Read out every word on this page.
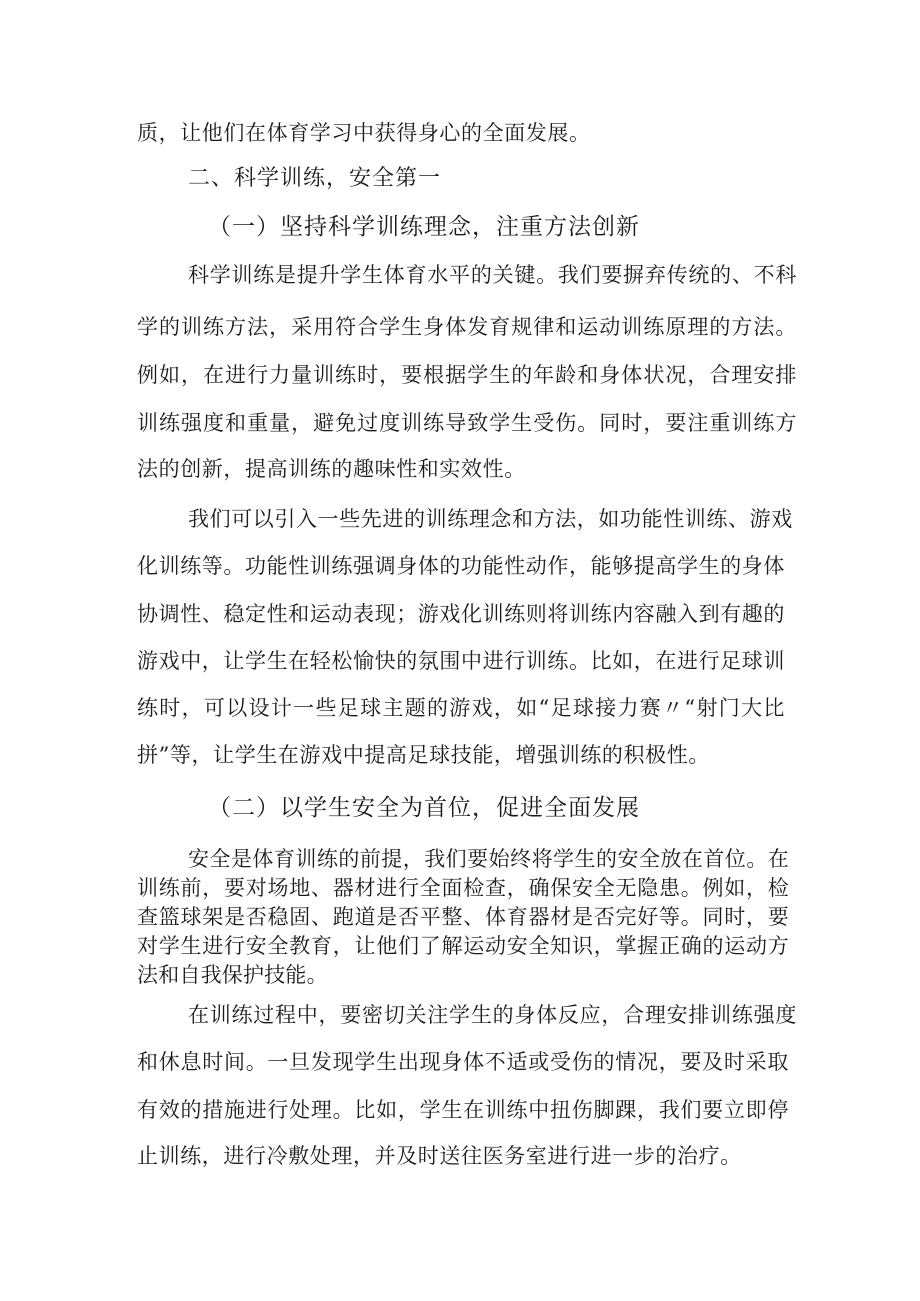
质，让他们在体育学习中获得身心的全面发展。
二、科学训练，安全第一
（一）坚持科学训练理念，注重方法创新
科学训练是提升学生体育水平的关键。我们要摒弃传统的、不科
学的训练方法，采用符合学生身体发育规律和运动训练原理的方法。
例如，在进行力量训练时，要根据学生的年龄和身体状况，合理安排
训练强度和重量，避免过度训练导致学生受伤。同时，要注重训练方
法的创新，提高训练的趣味性和实效性。
我们可以引入一些先进的训练理念和方法，如功能性训练、游戏
化训练等。功能性训练强调身体的功能性动作，能够提高学生的身体
协调性、稳定性和运动表现；游戏化训练则将训练内容融入到有趣的
游戏中，让学生在轻松愉快的氛围中进行训练。比如，在进行足球训
练时，可以设计一些足球主题的游戏，如“足球接力赛〃“射门大比
拼”等，让学生在游戏中提高足球技能，增强训练的积极性。
（二）以学生安全为首位，促进全面发展
安全是体育训练的前提，我们要始终将学生的安全放在首位。在
训练前，要对场地、器材进行全面检查，确保安全无隐患。例如，检
查篮球架是否稳固、跑道是否平整、体育器材是否完好等。同时，要
对学生进行安全教育，让他们了解运动安全知识，掌握正确的运动方
法和自我保护技能。
在训练过程中，要密切关注学生的身体反应，合理安排训练强度
和休息时间。一旦发现学生出现身体不适或受伤的情况，要及时采取
有效的措施进行处理。比如，学生在训练中扭伤脚踝，我们要立即停
止训练，进行冷敷处理，并及时送往医务室进行进一步的治疗。
